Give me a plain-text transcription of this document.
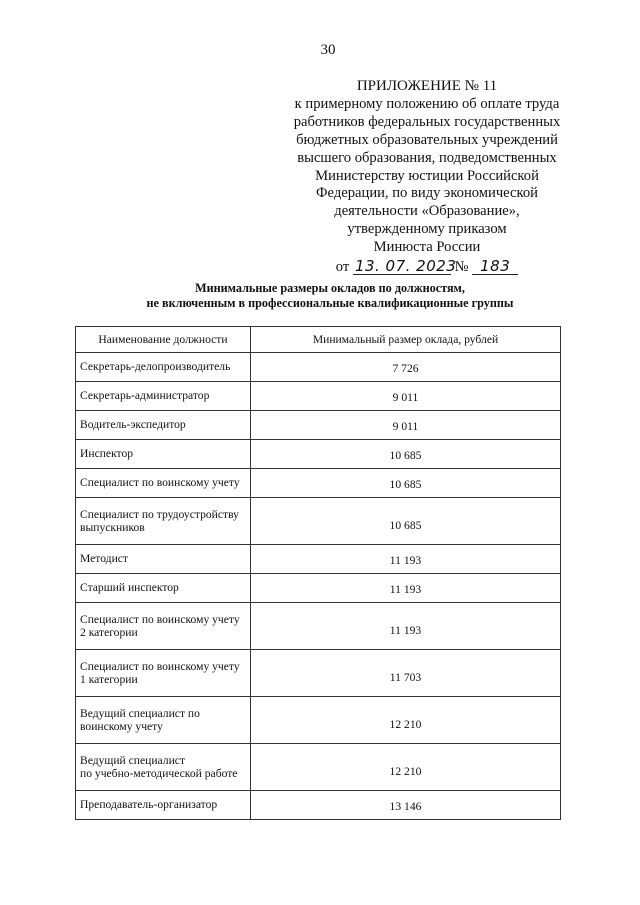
30
ПРИЛОЖЕНИЕ № 11
к примерному положению об оплате труда
работников федеральных государственных
бюджетных образовательных учреждений
высшего образования, подведомственных
Министерству юстиции Российской
Федерации, по виду экономической
деятельности «Образование»,
утвержденному приказом
Минюста России
от 13. 07. 2023 № 183
Минимальные размеры окладов по должностям,
не включенным в профессиональные квалификационные группы
Наименование должности	Минимальный размер оклада, рублей

Секретарь-делопроизводитель	7 726

Секретарь-администратор	9 011

Водитель-экспедитор	9 011

Инспектор	10 685

Специалист по воинскому учету	10 685

Специалист по трудоустройству
выпускников	10 685

Методист	11 193

Старший инспектор	11 193

Специалист по воинскому учету
2 категории	11 193

Специалист по воинскому учету
1 категории	11 703

Ведущий специалист по
воинскому учету	12 210

Ведущий специалист
по учебно-методической работе	12 210

Преподаватель-организатор	13 146
